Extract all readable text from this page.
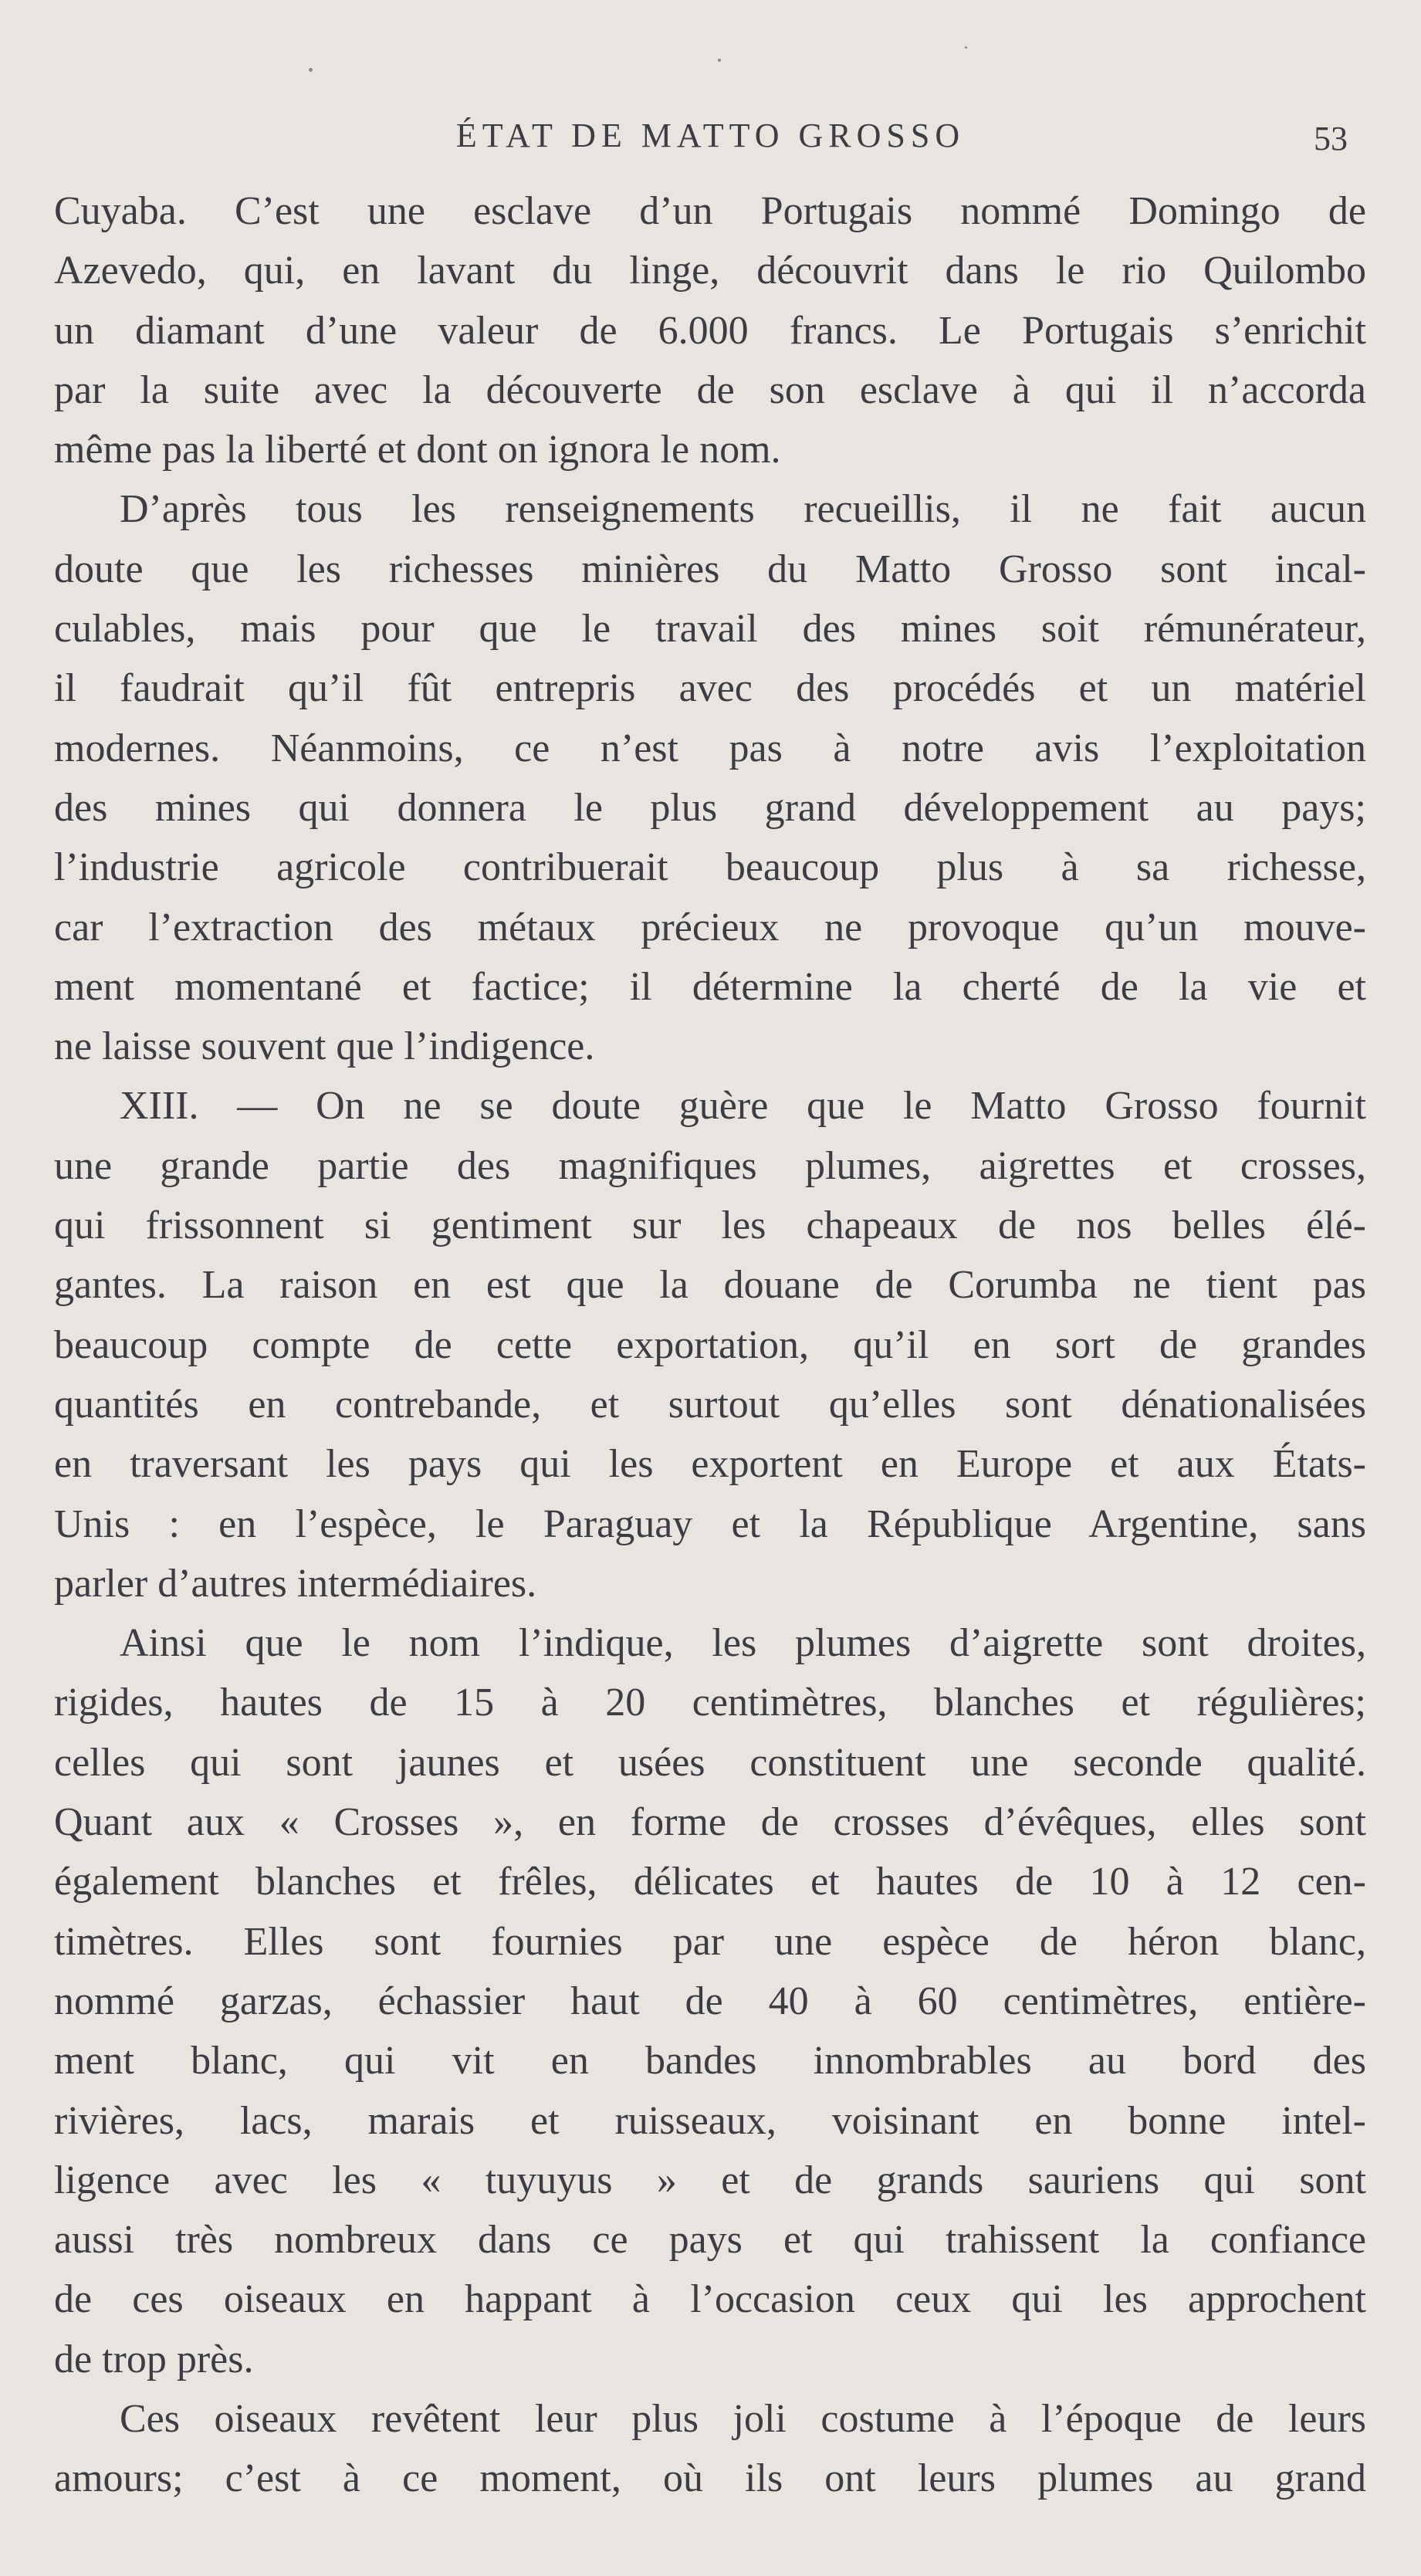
ÉTAT DE MATTO GROSSO	53
Cuyaba. C’est une esclave d’un Portugais nommé Domingo de
Azevedo, qui, en lavant du linge, découvrit dans le rio Quilombo
un diamant d’une valeur de 6.000 francs. Le Portugais s’enrichit
par la suite avec la découverte de son esclave à qui il n’accorda
même pas la liberté et dont on ignora le nom.
D’après tous les renseignements recueillis, il ne fait aucun
doute que les richesses minières du Matto Grosso sont incal-
culables, mais pour que le travail des mines soit rémunérateur,
il faudrait qu’il fût entrepris avec des procédés et un matériel
modernes. Néanmoins, ce n’est pas à notre avis l’exploitation
des mines qui donnera le plus grand développement au pays;
l’industrie agricole contribuerait beaucoup plus à sa richesse,
car l’extraction des métaux précieux ne provoque qu’un mouve-
ment momentané et factice; il détermine la cherté de la vie et
ne laisse souvent que l’indigence.
XIII. — On ne se doute guère que le Matto Grosso fournit
une grande partie des magnifiques plumes, aigrettes et crosses,
qui frissonnent si gentiment sur les chapeaux de nos belles élé-
gantes. La raison en est que la douane de Corumba ne tient pas
beaucoup compte de cette exportation, qu’il en sort de grandes
quantités en contrebande, et surtout qu’elles sont dénationalisées
en traversant les pays qui les exportent en Europe et aux États-
Unis : en l’espèce, le Paraguay et la République Argentine, sans
parler d’autres intermédiaires.
Ainsi que le nom l’indique, les plumes d’aigrette sont droites,
rigides, hautes de 15 à 20 centimètres, blanches et régulières;
celles qui sont jaunes et usées constituent une seconde qualité.
Quant aux « Crosses », en forme de crosses d’évêques, elles sont
également blanches et frêles, délicates et hautes de 10 à 12 cen-
timètres. Elles sont fournies par une espèce de héron blanc,
nommé garzas, échassier haut de 40 à 60 centimètres, entière-
ment blanc, qui vit en bandes innombrables au bord des
rivières, lacs, marais et ruisseaux, voisinant en bonne intel-
ligence avec les « tuyuyus » et de grands sauriens qui sont
aussi très nombreux dans ce pays et qui trahissent la confiance
de ces oiseaux en happant à l’occasion ceux qui les approchent
de trop près.
Ces oiseaux revêtent leur plus joli costume à l’époque de leurs
amours; c’est à ce moment, où ils ont leurs plumes au grand
